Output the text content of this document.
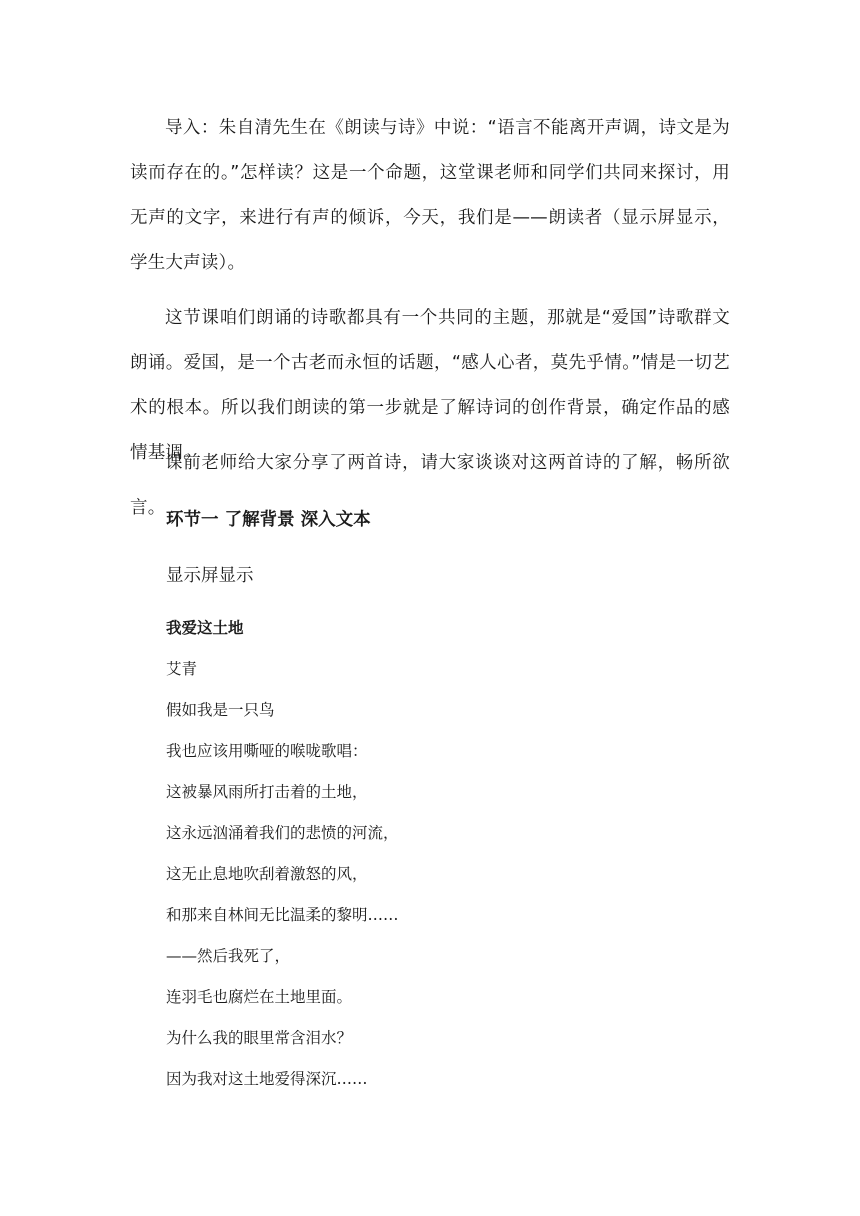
导入：朱自清先生在《朗读与诗》中说：“语言不能离开声调，诗文是为读而存在的。”怎样读？这是一个命题，这堂课老师和同学们共同来探讨，用无声的文字，来进行有声的倾诉，今天，我们是——朗读者（显示屏显示，学生大声读）。

这节课咱们朗诵的诗歌都具有一个共同的主题，那就是“爱国”诗歌群文朗诵。爱国，是一个古老而永恒的话题，“感人心者，莫先乎情。”情是一切艺术的根本。所以我们朗读的第一步就是了解诗词的创作背景，确定作品的感情基调。

课前老师给大家分享了两首诗，请大家谈谈对这两首诗的了解，畅所欲言。

环节一 了解背景 深入文本

显示屏显示

我爱这土地

艾青

假如我是一只鸟

我也应该用嘶哑的喉咙歌唱：

这被暴风雨所打击着的土地，

这永远汹涌着我们的悲愤的河流，

这无止息地吹刮着激怒的风，

和那来自林间无比温柔的黎明……

——然后我死了，

连羽毛也腐烂在土地里面。

为什么我的眼里常含泪水？

因为我对这土地爱得深沉……
